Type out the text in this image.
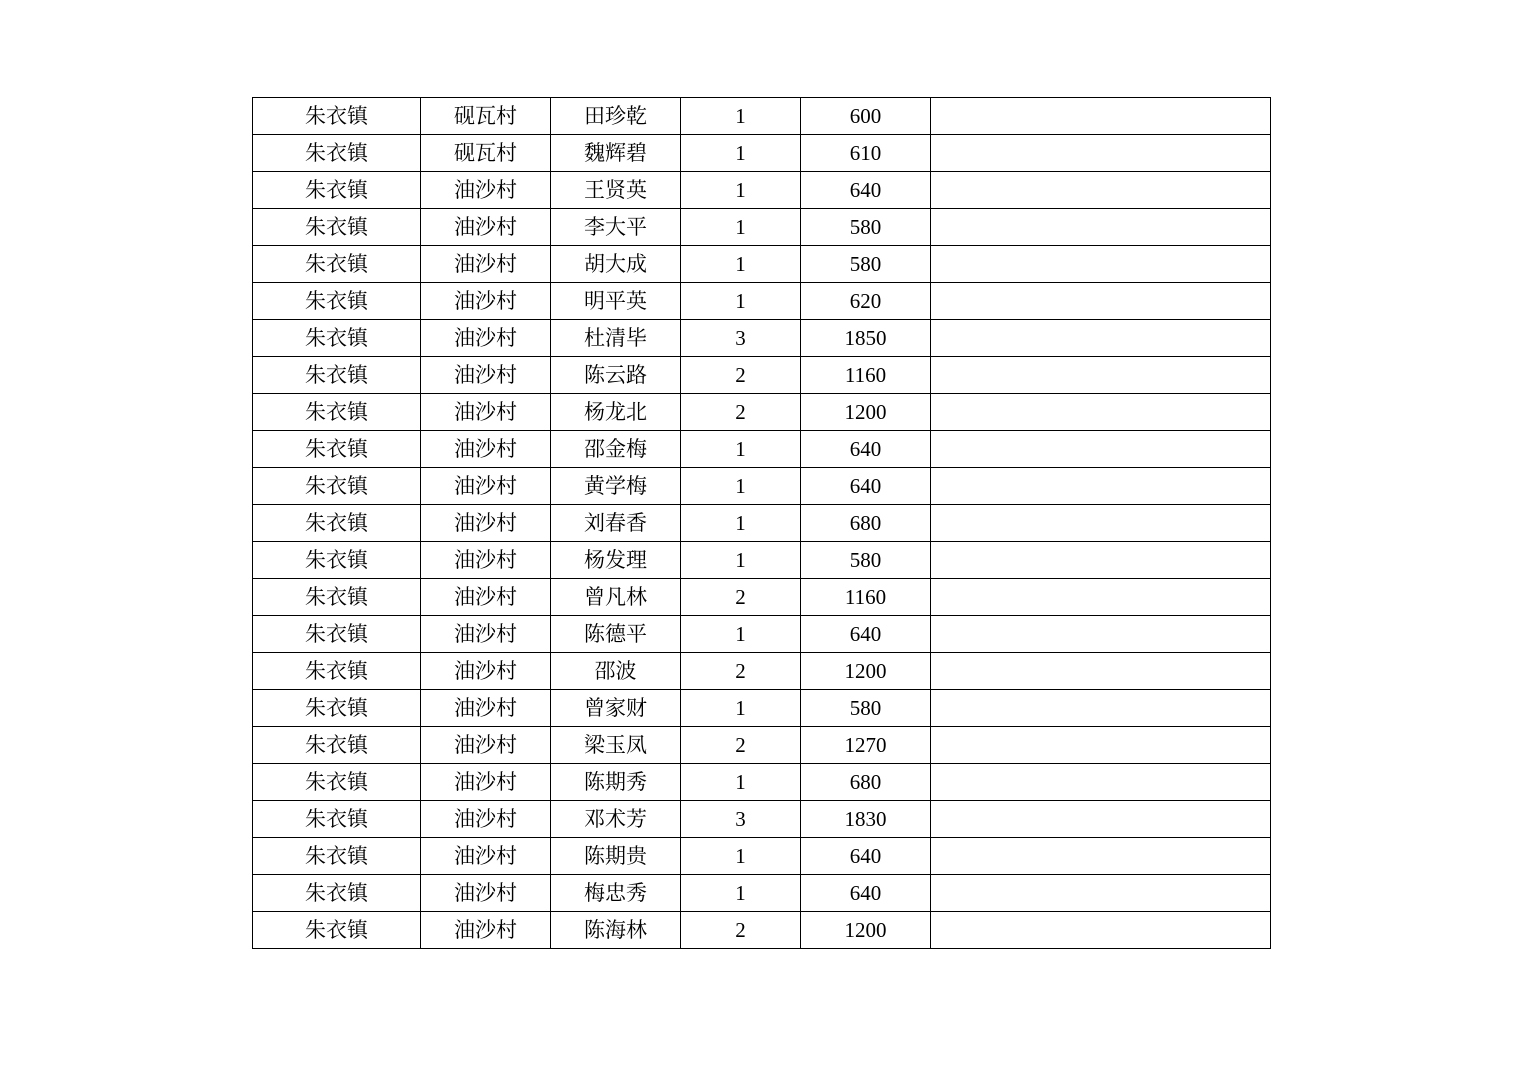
朱衣镇	砚瓦村	田珍乾	1	600	
朱衣镇	砚瓦村	魏辉碧	1	610	
朱衣镇	油沙村	王贤英	1	640	
朱衣镇	油沙村	李大平	1	580	
朱衣镇	油沙村	胡大成	1	580	
朱衣镇	油沙村	明平英	1	620	
朱衣镇	油沙村	杜清毕	3	1850	
朱衣镇	油沙村	陈云路	2	1160	
朱衣镇	油沙村	杨龙北	2	1200	
朱衣镇	油沙村	邵金梅	1	640	
朱衣镇	油沙村	黄学梅	1	640	
朱衣镇	油沙村	刘春香	1	680	
朱衣镇	油沙村	杨发理	1	580	
朱衣镇	油沙村	曾凡林	2	1160	
朱衣镇	油沙村	陈德平	1	640	
朱衣镇	油沙村	邵波	2	1200	
朱衣镇	油沙村	曾家财	1	580	
朱衣镇	油沙村	梁玉凤	2	1270	
朱衣镇	油沙村	陈期秀	1	680	
朱衣镇	油沙村	邓术芳	3	1830	
朱衣镇	油沙村	陈期贵	1	640	
朱衣镇	油沙村	梅忠秀	1	640	
朱衣镇	油沙村	陈海林	2	1200	
